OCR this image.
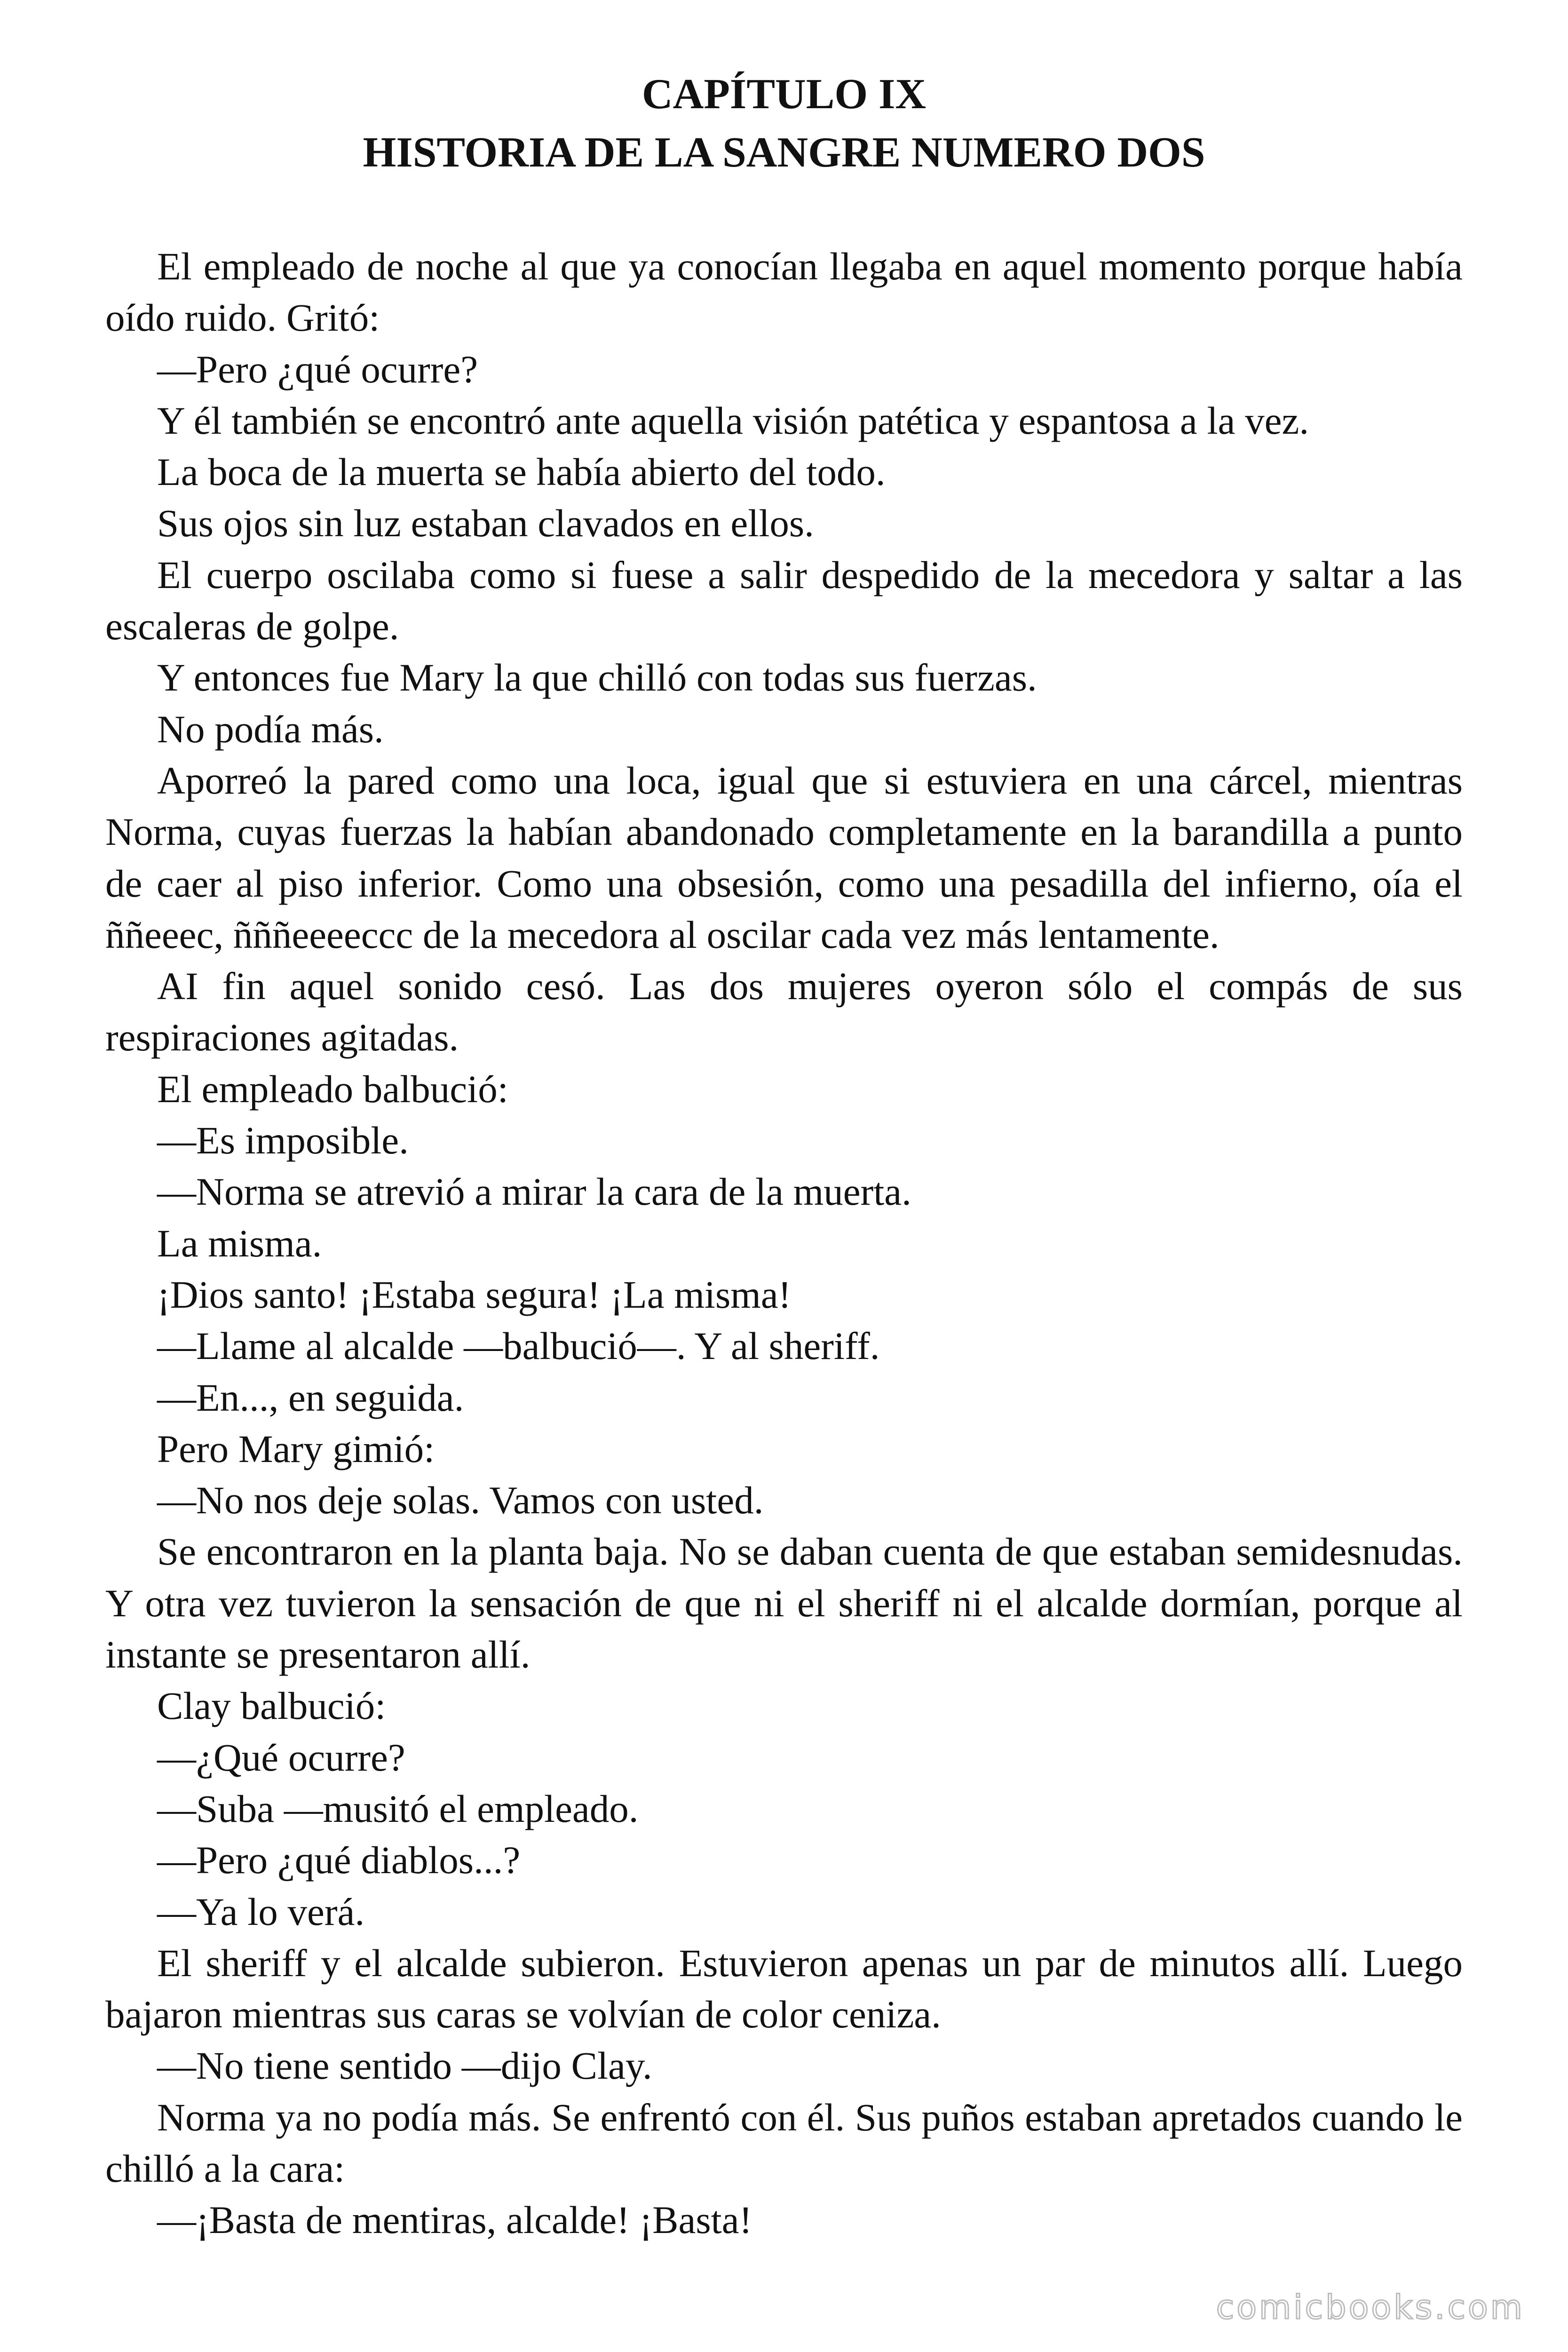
CAPÍTULO IX
HISTORIA DE LA SANGRE NUMERO DOS

El empleado de noche al que ya conocían llegaba en aquel momento porque había oído ruido. Gritó:

—Pero ¿qué ocurre?

Y él también se encontró ante aquella visión patética y espantosa a la vez.

La boca de la muerta se había abierto del todo.

Sus ojos sin luz estaban clavados en ellos.

El cuerpo oscilaba como si fuese a salir despedido de la mecedora y saltar a las escaleras de golpe.

Y entonces fue Mary la que chilló con todas sus fuerzas.

No podía más.

Aporreó la pared como una loca, igual que si estuviera en una cárcel, mientras Norma, cuyas fuerzas la habían abandonado completamente en la barandilla a punto de caer al piso inferior. Como una obsesión, como una pesadilla del infierno, oía el ññeeec, ñññeeeeccc de la mecedora al oscilar cada vez más lentamente.

AI fin aquel sonido cesó. Las dos mujeres oyeron sólo el compás de sus respiraciones agitadas.

El empleado balbució:

—Es imposible.

—Norma se atrevió a mirar la cara de la muerta.

La misma.

¡Dios santo! ¡Estaba segura! ¡La misma!

—Llame al alcalde —balbució—. Y al sheriff.

—En..., en seguida.

Pero Mary gimió:

—No nos deje solas. Vamos con usted.

Se encontraron en la planta baja. No se daban cuenta de que estaban semidesnudas. Y otra vez tuvieron la sensación de que ni el sheriff ni el alcalde dormían, porque al instante se presentaron allí.

Clay balbució:

—¿Qué ocurre?

—Suba —musitó el empleado.

—Pero ¿qué diablos...?

—Ya lo verá.

El sheriff y el alcalde subieron. Estuvieron apenas un par de minutos allí. Luego bajaron mientras sus caras se volvían de color ceniza.

—No tiene sentido —dijo Clay.

Norma ya no podía más. Se enfrentó con él. Sus puños estaban apretados cuando le chilló a la cara:

—¡Basta de mentiras, alcalde! ¡Basta!

comicbooks.com
